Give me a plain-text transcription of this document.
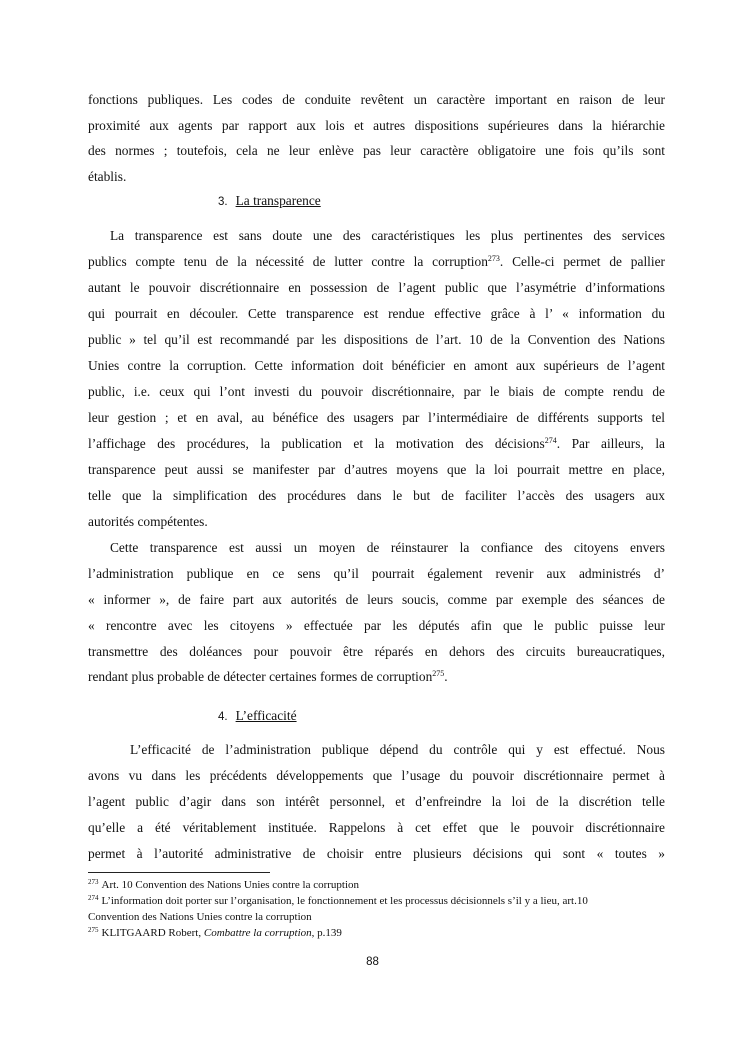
fonctions publiques. Les codes de conduite revêtent un caractère important en raison de leur
proximité aux agents par rapport aux lois et autres dispositions supérieures dans la hiérarchie
des normes ; toutefois, cela ne leur enlève pas leur caractère obligatoire une fois qu’ils sont
établis.
3. La transparence
La transparence est sans doute une des caractéristiques les plus pertinentes des services
publics compte tenu de la nécessité de lutter contre la corruption$^{273}$. Celle-ci permet de pallier
autant le pouvoir discrétionnaire en possession de l’agent public que l’asymétrie d’informations
qui pourrait en découler. Cette transparence est rendue effective grâce à l’ « information du
public » tel qu’il est recommandé par les dispositions de l’art. 10 de la Convention des Nations
Unies contre la corruption. Cette information doit bénéficier en amont aux supérieurs de l’agent
public, i.e. ceux qui l’ont investi du pouvoir discrétionnaire, par le biais de compte rendu de
leur gestion ; et en aval, au bénéfice des usagers par l’intermédiaire de différents supports tel
l’affichage des procédures, la publication et la motivation des décisions$^{274}$. Par ailleurs, la
transparence peut aussi se manifester par d’autres moyens que la loi pourrait mettre en place,
telle que la simplification des procédures dans le but de faciliter l’accès des usagers aux
autorités compétentes.
Cette transparence est aussi un moyen de réinstaurer la confiance des citoyens envers
l’administration publique en ce sens qu’il pourrait également revenir aux administrés d’
« informer », de faire part aux autorités de leurs soucis, comme par exemple des séances de
« rencontre avec les citoyens » effectuée par les députés afin que le public puisse leur
transmettre des doléances pour pouvoir être réparés en dehors des circuits bureaucratiques,
rendant plus probable de détecter certaines formes de corruption$^{275}$.
4. L’efficacité
L’efficacité de l’administration publique dépend du contrôle qui y est effectué. Nous
avons vu dans les précédents développements que l’usage du pouvoir discrétionnaire permet à
l’agent public d’agir dans son intérêt personnel, et d’enfreindre la loi de la discrétion telle
qu’elle a été véritablement instituée. Rappelons à cet effet que le pouvoir discrétionnaire
permet à l’autorité administrative de choisir entre plusieurs décisions qui sont « toutes »
$^{273}$ Art. 10 Convention des Nations Unies contre la corruption
$^{274}$ L’information doit porter sur l’organisation, le fonctionnement et les processus décisionnels s’il y a lieu, art.10
Convention des Nations Unies contre la corruption
$^{275}$ KLITGAARD Robert, Combattre la corruption, p.139
88
